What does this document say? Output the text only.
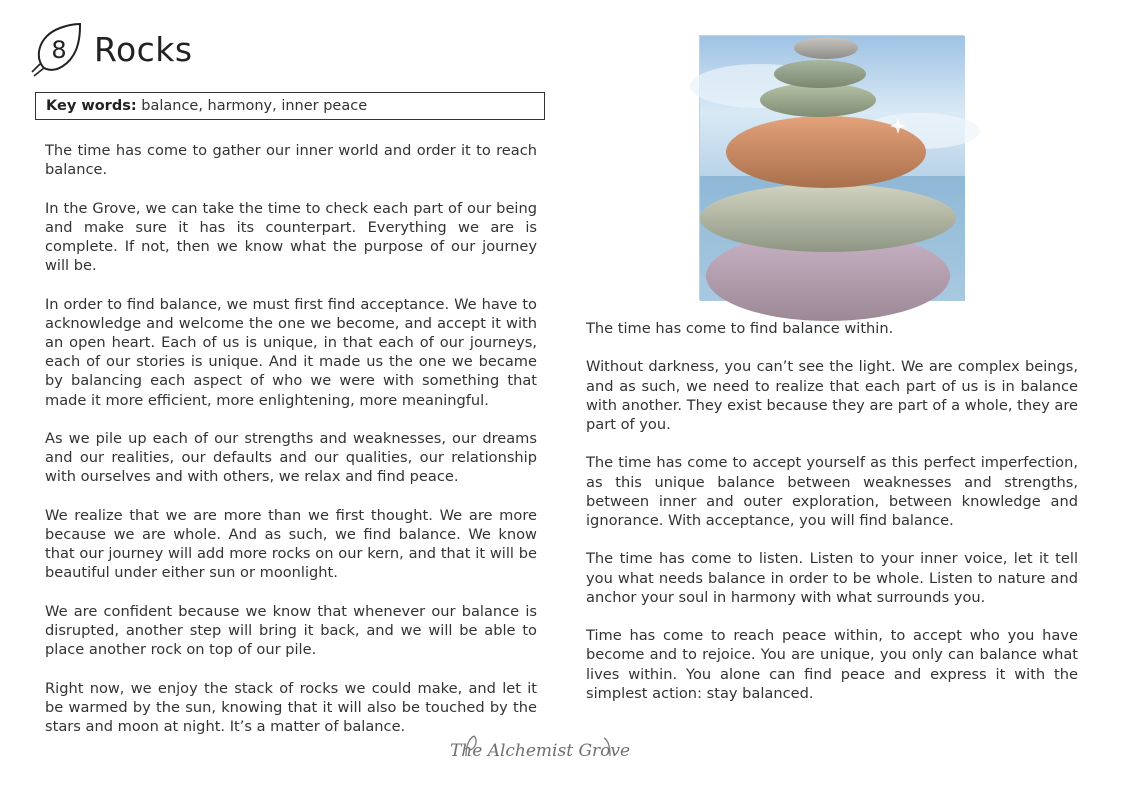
8 Rocks
Key words: balance, harmony, inner peace

The time has come to gather our inner world and order it to reach balance.

In the Grove, we can take the time to check each part of our being and make sure it has its counterpart. Everything we are is complete. If not, then we know what the purpose of our journey will be.

In order to find balance, we must first find acceptance. We have to acknowledge and welcome the one we become, and accept it with an open heart. Each of us is unique, in that each of our journeys, each of our stories is unique. And it made us the one we became by balancing each aspect of who we were with something that made it more efficient, more enlightening, more meaningful.

As we pile up each of our strengths and weaknesses, our dreams and our realities, our defaults and our qualities, our relationship with ourselves and with others, we relax and find peace.

We realize that we are more than we first thought. We are more because we are whole. And as such, we find balance. We know that our journey will add more rocks on our kern, and that it will be beautiful under either sun or moonlight.

We are confident because we know that whenever our balance is disrupted, another step will bring it back, and we will be able to place another rock on top of our pile.

Right now, we enjoy the stack of rocks we could make, and let it be warmed by the sun, knowing that it will also be touched by the stars and moon at night. It’s a matter of balance.

The time has come to find balance within.

Without darkness, you can’t see the light. We are complex beings, and as such, we need to realize that each part of us is in balance with another. They exist because they are part of a whole, they are part of you.

The time has come to accept yourself as this perfect imperfection, as this unique balance between weaknesses and strengths, between inner and outer exploration, between knowledge and ignorance. With acceptance, you will find balance.

The time has come to listen. Listen to your inner voice, let it tell you what needs balance in order to be whole. Listen to nature and anchor your soul in harmony with what surrounds you.

Time has come to reach peace within, to accept who you have become and to rejoice. You are unique, you only can balance what lives within. You alone can find peace and express it with the simplest action: stay balanced.

The Alchemist Grove
